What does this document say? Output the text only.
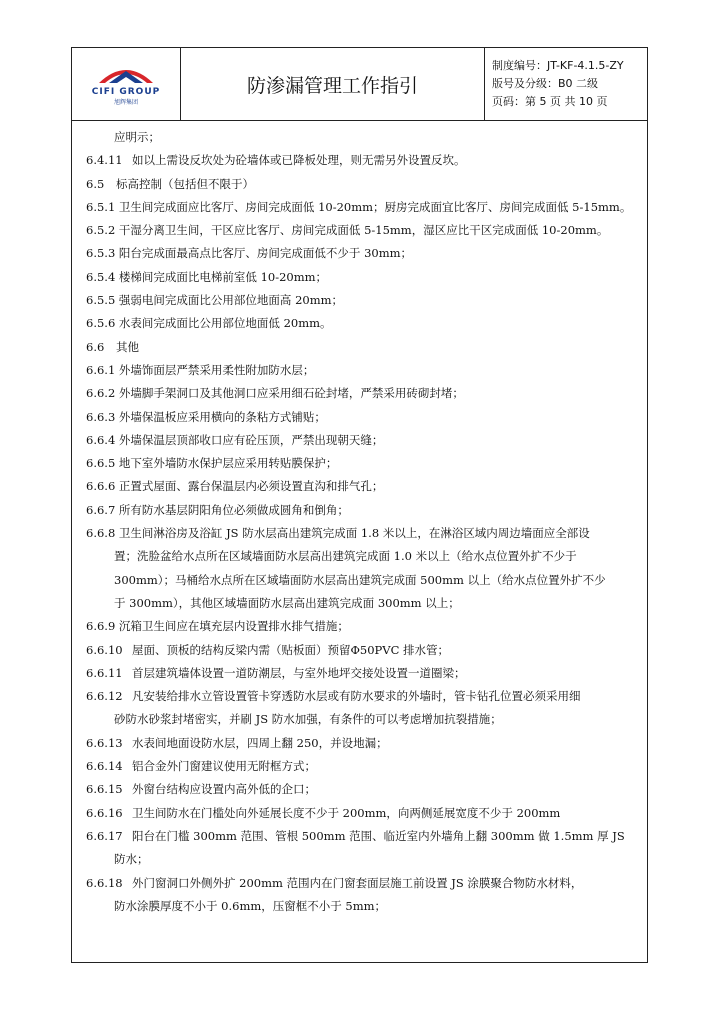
CIFI GROUP
旭辉集团
防渗漏管理工作指引
制度编号：JT-KF-4.1.5-ZY
版号及分级：B0 二级
页码：第 5 页 共 10 页
应明示；
6.4.11 如以上需设反坎处为砼墙体或已降板处理，则无需另外设置反坎。
6.5	标高控制（包括但不限于）
6.5.1 卫生间完成面应比客厅、房间完成面低 10-20mm；厨房完成面宜比客厅、房间完成面低 5-15mm。
6.5.2 干湿分离卫生间，干区应比客厅、房间完成面低 5-15mm，湿区应比干区完成面低 10-20mm。
6.5.3 阳台完成面最高点比客厅、房间完成面低不少于 30mm；
6.5.4 楼梯间完成面比电梯前室低 10-20mm；
6.5.5 强弱电间完成面比公用部位地面高 20mm；
6.5.6 水表间完成面比公用部位地面低 20mm。
6.6	其他
6.6.1 外墙饰面层严禁采用柔性附加防水层；
6.6.2 外墙脚手架洞口及其他洞口应采用细石砼封堵，严禁采用砖砌封堵；
6.6.3 外墙保温板应采用横向的条粘方式铺贴；
6.6.4 外墙保温层顶部收口应有砼压顶，严禁出现朝天缝；
6.6.5 地下室外墙防水保护层应采用转贴膜保护；
6.6.6 正置式屋面、露台保温层内必须设置直沟和排气孔；
6.6.7 所有防水基层阴阳角位必须做成圆角和倒角；
6.6.8 卫生间淋浴房及浴缸 JS 防水层高出建筑完成面 1.8 米以上，在淋浴区域内周边墙面应全部设
置；洗脸盆给水点所在区域墙面防水层高出建筑完成面 1.0 米以上（给水点位置外扩不少于
300mm）；马桶给水点所在区域墙面防水层高出建筑完成面 500mm 以上（给水点位置外扩不少
于 300mm），其他区域墙面防水层高出建筑完成面 300mm 以上；
6.6.9 沉箱卫生间应在填充层内设置排水排气措施；
6.6.10 屋面、顶板的结构反梁内需（贴板面）预留Φ50PVC 排水管；
6.6.11 首层建筑墙体设置一道防潮层，与室外地坪交接处设置一道圈梁；
6.6.12 凡安装给排水立管设置管卡穿透防水层或有防水要求的外墙时，管卡钻孔位置必须采用细
砂防水砂浆封堵密实，并刷 JS 防水加强，有条件的可以考虑增加抗裂措施；
6.6.13 水表间地面设防水层，四周上翻 250，并设地漏；
6.6.14 铝合金外门窗建议使用无附框方式；
6.6.15 外窗台结构应设置内高外低的企口；
6.6.16 卫生间防水在门槛处向外延展长度不少于 200mm，向两侧延展宽度不少于 200mm
6.6.17 阳台在门槛 300mm 范围、管根 500mm 范围、临近室内外墙角上翻 300mm 做 1.5mm 厚 JS
防水；
6.6.18 外门窗洞口外侧外扩 200mm 范围内在门窗套面层施工前设置 JS 涂膜聚合物防水材料，
防水涂膜厚度不小于 0.6mm，压窗框不小于 5mm；
